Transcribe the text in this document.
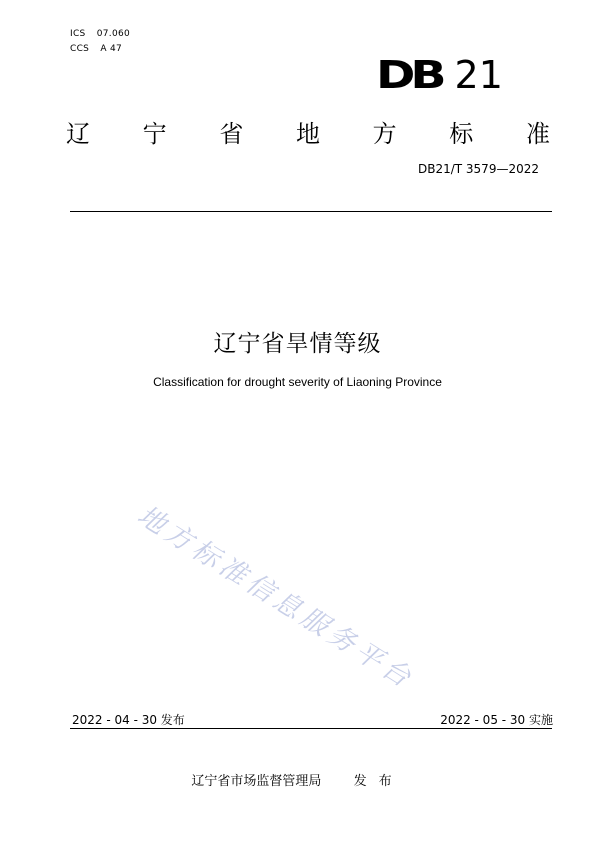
ICS 07.060
CCS A 47
DB 21
辽 宁 省 地 方 标 准
DB21/T 3579—2022
辽宁省旱情等级
Classification for drought severity of Liaoning Province
地方标准信息服务平台
2022 - 04 - 30 发布	2022 - 05 - 30 实施
辽宁省市场监督管理局 发布
